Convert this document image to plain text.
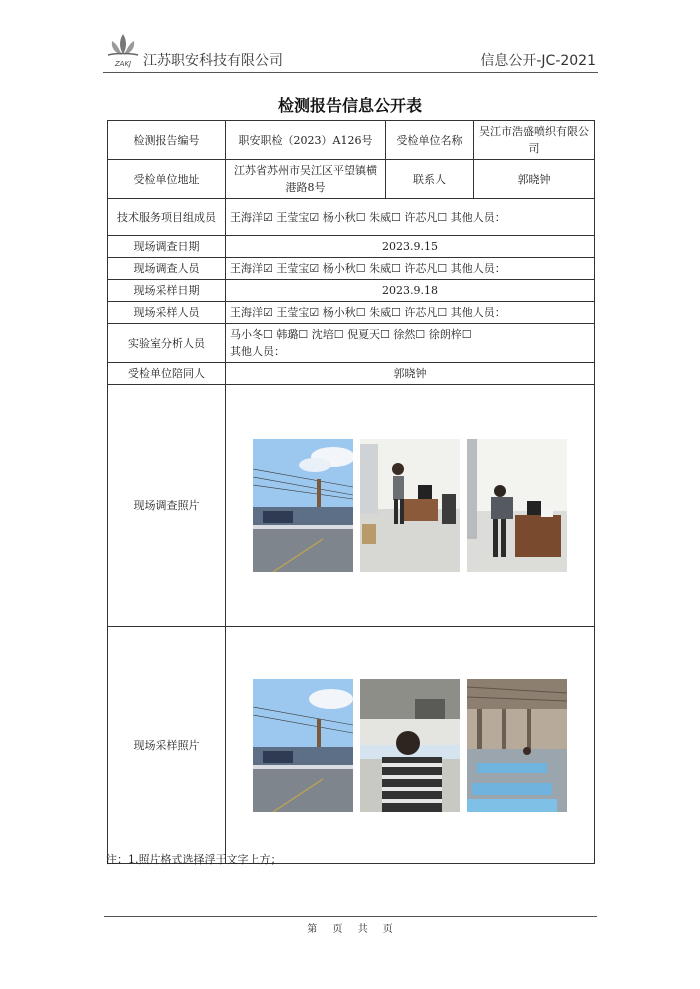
ZAKJ 江苏职安科技有限公司	信息公开-JC-2021
检测报告信息公开表
检测报告编号	职安职检（2023）A126号	受检单位名称	吴江市浩盛喷织有限公司
受检单位地址	江苏省苏州市吴江区平望镇横港路8号	联系人	郭晓钟
技术服务项目组成员	王海洋☑ 王莹宝☑ 杨小秋☐ 朱威☐ 许芯凡☐ 其他人员：		
现场调查日期	2023.9.15		
现场调查人员	王海洋☑ 王莹宝☑ 杨小秋☐ 朱威☐ 许芯凡☐ 其他人员：		
现场采样日期	2023.9.18		
现场采样人员	王海洋☑ 王莹宝☑ 杨小秋☐ 朱威☐ 许芯凡☐ 其他人员：		
实验室分析人员	马小冬☐ 韩璐☐ 沈培☐ 倪夏天☐ 徐然☐ 徐朗梓☐
其他人员：		

受检单位陪同人	郭晓钟		
现场调查照片	

现场采样照片	
注：1.照片格式选择浮于文字上方；
第 页 共 页
